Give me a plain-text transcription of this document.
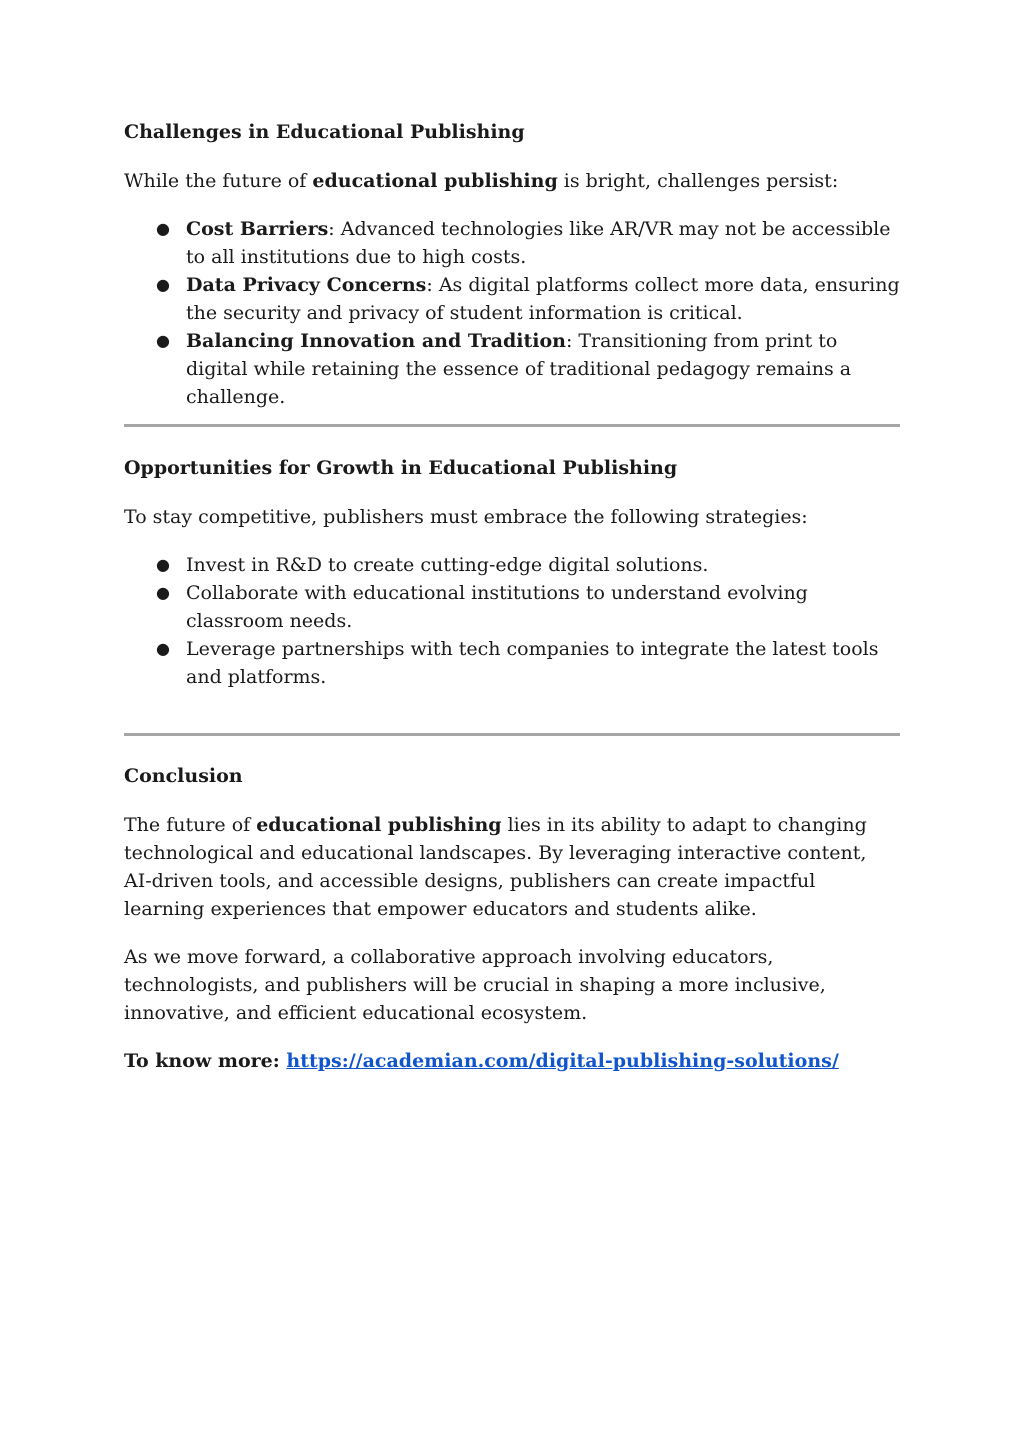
Challenges in Educational Publishing

While the future of educational publishing is bright, challenges persist:

● Cost Barriers: Advanced technologies like AR/VR may not be accessible to all institutions due to high costs.
● Data Privacy Concerns: As digital platforms collect more data, ensuring the security and privacy of student information is critical.
● Balancing Innovation and Tradition: Transitioning from print to digital while retaining the essence of traditional pedagogy remains a challenge.
Opportunities for Growth in Educational Publishing

To stay competitive, publishers must embrace the following strategies:

● Invest in R&D to create cutting-edge digital solutions.
● Collaborate with educational institutions to understand evolving classroom needs.
● Leverage partnerships with tech companies to integrate the latest tools and platforms.
Conclusion

The future of educational publishing lies in its ability to adapt to changing technological and educational landscapes. By leveraging interactive content, AI-driven tools, and accessible designs, publishers can create impactful learning experiences that empower educators and students alike.

As we move forward, a collaborative approach involving educators, technologists, and publishers will be crucial in shaping a more inclusive, innovative, and efficient educational ecosystem.

To know more: https://academian.com/digital-publishing-solutions/
